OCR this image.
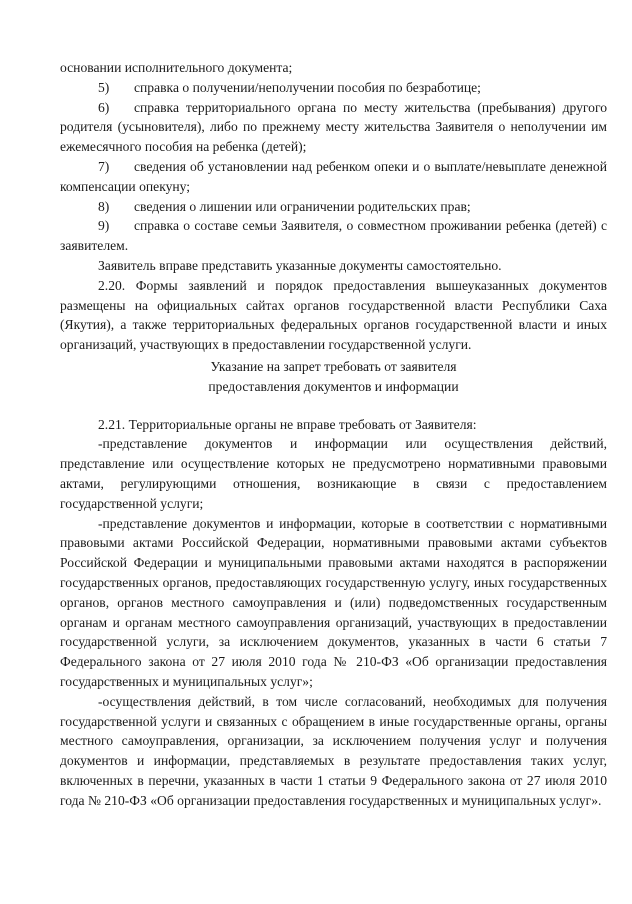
основании исполнительного документа;

5) справка о получении/неполучении пособия по безработице;

6) справка территориального органа по месту жительства (пребывания) другого родителя (усыновителя), либо по прежнему месту жительства Заявителя о неполучении им ежемесячного пособия на ребенка (детей);

7) сведения об установлении над ребенком опеки и о выплате/невыплате денежной компенсации опекуну;

8) сведения о лишении или ограничении родительских прав;

9) справка о составе семьи Заявителя, о совместном проживании ребенка (детей) с заявителем.

Заявитель вправе представить указанные документы самостоятельно.

2.20. Формы заявлений и порядок предоставления вышеуказанных документов размещены на официальных сайтах органов государственной власти Республики Саха (Якутия), а также территориальных федеральных органов государственной власти и иных организаций, участвующих в предоставлении государственной услуги.

Указание на запрет требовать от заявителя
предоставления документов и информации

2.21. Территориальные органы не вправе требовать от Заявителя:

-представление документов и информации или осуществления действий, представление или осуществление которых не предусмотрено нормативными правовыми актами, регулирующими отношения, возникающие в связи с предоставлением государственной услуги;

-представление документов и информации, которые в соответствии с нормативными правовыми актами Российской Федерации, нормативными правовыми актами субъектов Российской Федерации и муниципальными правовыми актами находятся в распоряжении государственных органов, предоставляющих государственную услугу, иных государственных органов, органов местного самоуправления и (или) подведомственных государственным органам и органам местного самоуправления организаций, участвующих в предоставлении государственной услуги, за исключением документов, указанных в части 6 статьи 7 Федерального закона от 27 июля 2010 года № 210-ФЗ «Об организации предоставления государственных и муниципальных услуг»;

-осуществления действий, в том числе согласований, необходимых для получения государственной услуги и связанных с обращением в иные государственные органы, органы местного самоуправления, организации, за исключением получения услуг и получения документов и информации, представляемых в результате предоставления таких услуг, включенных в перечни, указанных в части 1 статьи 9 Федерального закона от 27 июля 2010 года № 210-ФЗ «Об организации предоставления государственных и муниципальных услуг».
